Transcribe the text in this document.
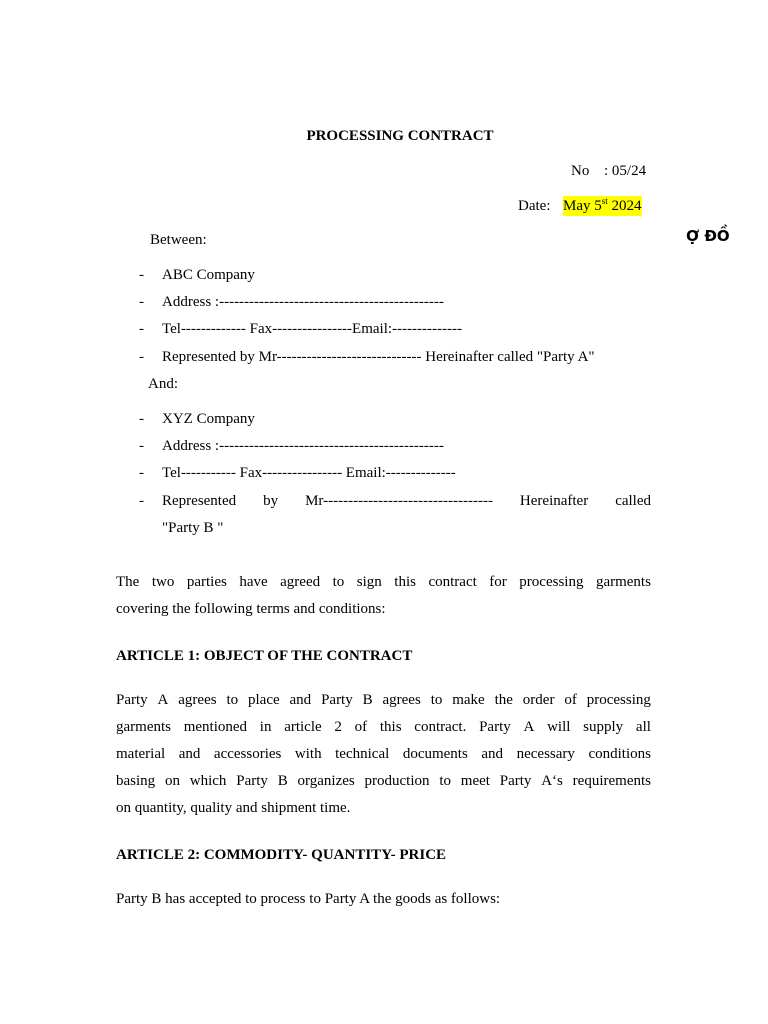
PROCESSING CONTRACT
No : 05/24
Date: May 5st 2024
Ợ ĐỒ
Between:
- ABC Company
- Address :---------------------------------------------
- Tel------------- Fax----------------Email:--------------
- Represented by Mr----------------------------- Hereinafter called "Party A"
And:
- XYZ Company
- Address :---------------------------------------------
- Tel----------- Fax---------------- Email:--------------
- Represented by Mr---------------------------------- Hereinafter called
"Party B "
The two parties have agreed to sign this contract for processing garments
covering the following terms and conditions:
ARTICLE 1: OBJECT OF THE CONTRACT
Party A agrees to place and Party B agrees to make the order of processing
garments mentioned in article 2 of this contract. Party A will supply all
material and accessories with technical documents and necessary conditions
basing on which Party B organizes production to meet Party A‘s requirements
on quantity, quality and shipment time.
ARTICLE 2: COMMODITY- QUANTITY- PRICE
Party B has accepted to process to Party A the goods as follows:
